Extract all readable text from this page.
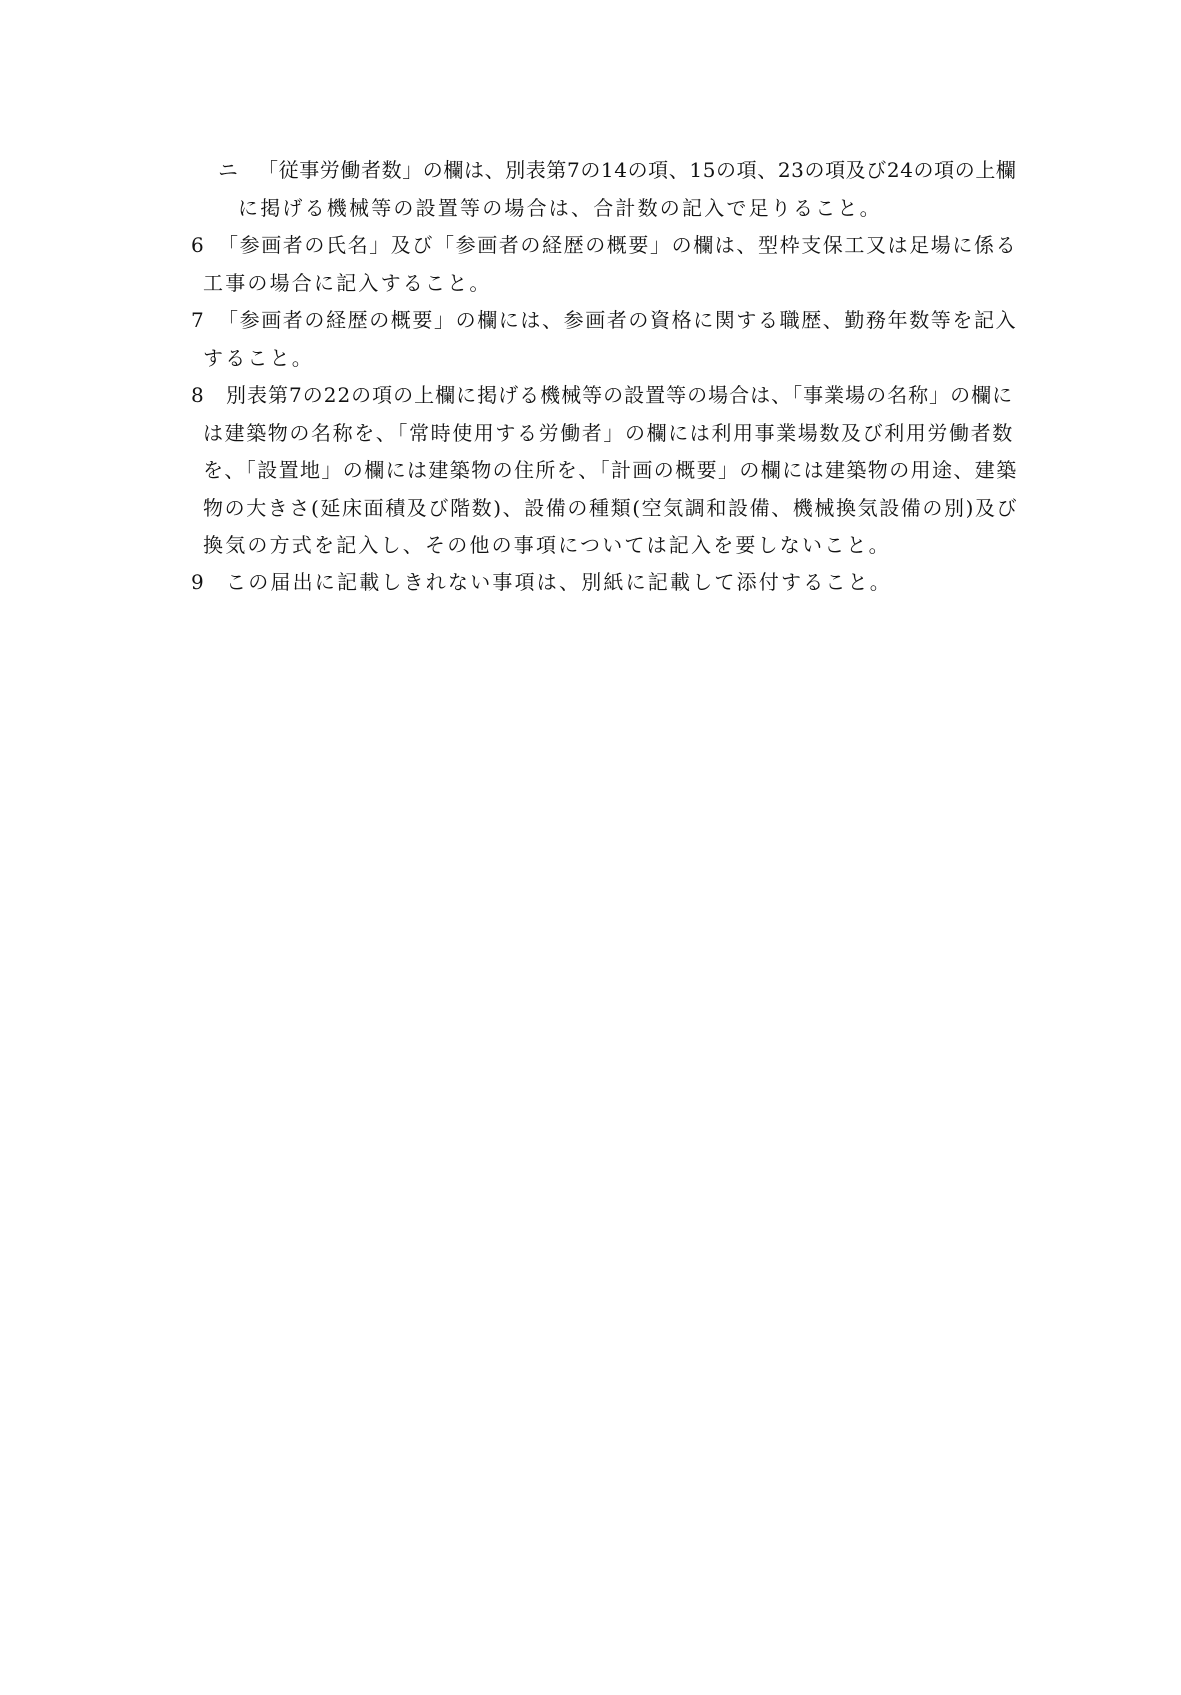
ニ 「従事労働者数」の欄は、別表第7の14の項、15の項、23の項及び24の項の上欄
に掲げる機械等の設置等の場合は、合計数の記入で足りること。
6 「参画者の氏名」及び「参画者の経歴の概要」の欄は、型枠支保工又は足場に係る
工事の場合に記入すること。
7 「参画者の経歴の概要」の欄には、参画者の資格に関する職歴、勤務年数等を記入
すること。
8 別表第7の22の項の上欄に掲げる機械等の設置等の場合は、「事業場の名称」の欄に
は建築物の名称を、「常時使用する労働者」の欄には利用事業場数及び利用労働者数
を、「設置地」の欄には建築物の住所を、「計画の概要」の欄には建築物の用途、建築
物の大きさ(延床面積及び階数)、設備の種類(空気調和設備、機械換気設備の別)及び
換気の方式を記入し、その他の事項については記入を要しないこと。
9 この届出に記載しきれない事項は、別紙に記載して添付すること。
